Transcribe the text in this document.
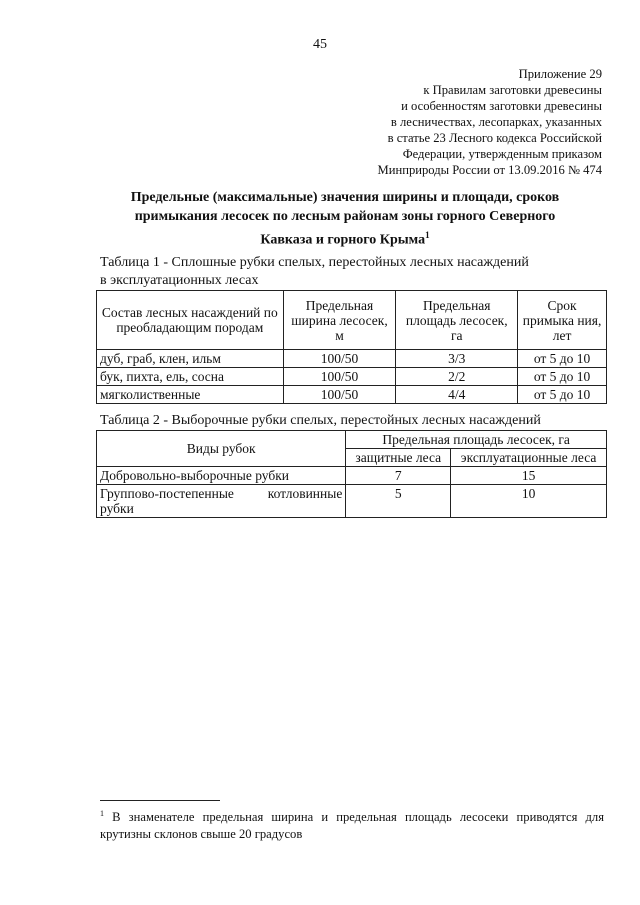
45
Приложение 29
к Правилам заготовки древесины
и особенностям заготовки древесины
в лесничествах, лесопарках, указанных
в статье 23 Лесного кодекса Российской
Федерации, утвержденным приказом
Минприроды России от 13.09.2016 № 474
Предельные (максимальные) значения ширины и площади, сроков
примыкания лесосек по лесным районам зоны горного Северного
Кавказа и горного Крыма$^1$
Таблица 1 - Сплошные рубки спелых, перестойных лесных насаждений
в эксплуатационных лесах
Состав лесных насаждений по преобладающим породам	Предельная ширина лесосек, м	Предельная площадь лесосек, га	Срок примыка ния, лет
дуб, граб, клен, ильм	100/50	3/3	от 5 до 10
бук, пихта, ель, сосна	100/50	2/2	от 5 до 10
мягколиственные	100/50	4/4	от 5 до 10
Таблица 2 - Выборочные рубки спелых, перестойных лесных насаждений
Виды рубок	Предельная площадь лесосек, га	
	защитные леса	эксплуатационные леса
Добровольно-выборочные рубки	7	15
Группово-постепенные котловинные рубки	5	10
$^1$ В знаменателе предельная ширина и предельная площадь лесосеки приводятся для крутизны склонов свыше 20 градусов
